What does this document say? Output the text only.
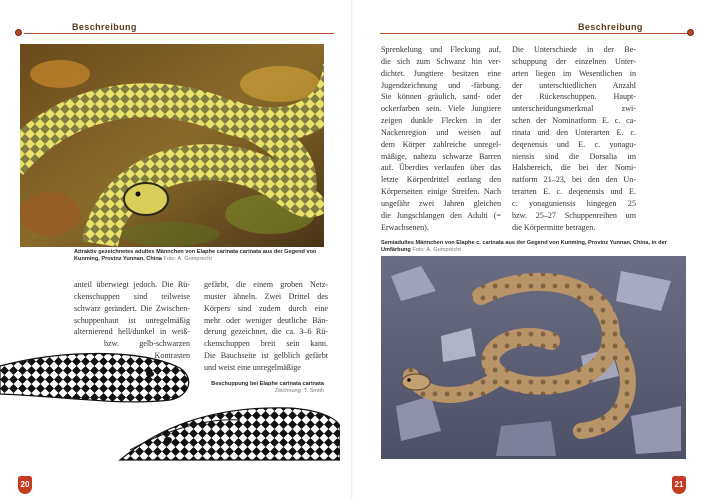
Beschreibung
Attraktiv gezeichnetes adultes Männchen von Elaphe carinata carinata aus der Gegend von Kunming, Provinz Yunnan, China Foto: A. Gumprecht
anteil überwiegt jedoch. Die Rü-
ckenschuppen sind teilweise
schwarz gerändert. Die Zwischen-
schuppenhaut ist unregelmäßig
alternierend hell/dunkel in weiß-
bzw. gelb-schwarzen
Kontrasten
gefärbt, die einem groben Netz-
muster ähneln. Zwei Drittel des
Körpers sind zudem durch eine
mehr oder weniger deutliche Bän-
derung gezeichnet, die ca. 3–6 Rü-
ckenschuppen breit sein kann.
Die Bauchseite ist gelblich gefärbt
und weist eine unregelmäßige
Beschuppung bei Elaphe carinata carinata
Zeichnung: T. Smith
20
Beschreibung
Sprenkelung und Fleckung auf,
die sich zum Schwanz hin ver-
dichtet. Jungtiere besitzen eine
Jugendzeichnung und -färbung.
Sie können gräulich, sand- oder
ockerfarben sein. Viele Jungtiere
zeigen dunkle Flecken in der
Nackenregion und weisen auf
dem Körper zahlreiche unregel-
mäßige, nahezu schwarze Barren
auf. Überdies verlaufen über das
letzte Körperdrittel entlang den
Körperseiten einige Streifen. Nach
ungefähr zwei Jahren gleichen
die Jungschlangen den Adulti (=
Erwachsenen).
Die Unterschiede in der Be-
schuppung der einzelnen Unter-
arten liegen im Wesentlichen in
der unterschiedlichen Anzahl
der Rückenschuppen. Haupt-
unterscheidungsmerkmal zwi-
schen der Nominatform E. c. ca-
rinata und den Unterarten E. c.
deqenensis und E. c. yonagu-
niensis sind die Dorsalia im
Halsbereich, die bei der Nomi-
natform 21–23, bei den den Un-
terarten E. c. deqenensis und E.
c. yonaguniensis hingegen 25
bzw. 25–27 Schuppenreihen um
die Körpermitte betragen.
Semiadultes Männchen von Elaphe c. carinata aus der Gegend von Kunming, Provinz Yunnan, China, in der Umfärbung Foto: A. Gumprecht
21
